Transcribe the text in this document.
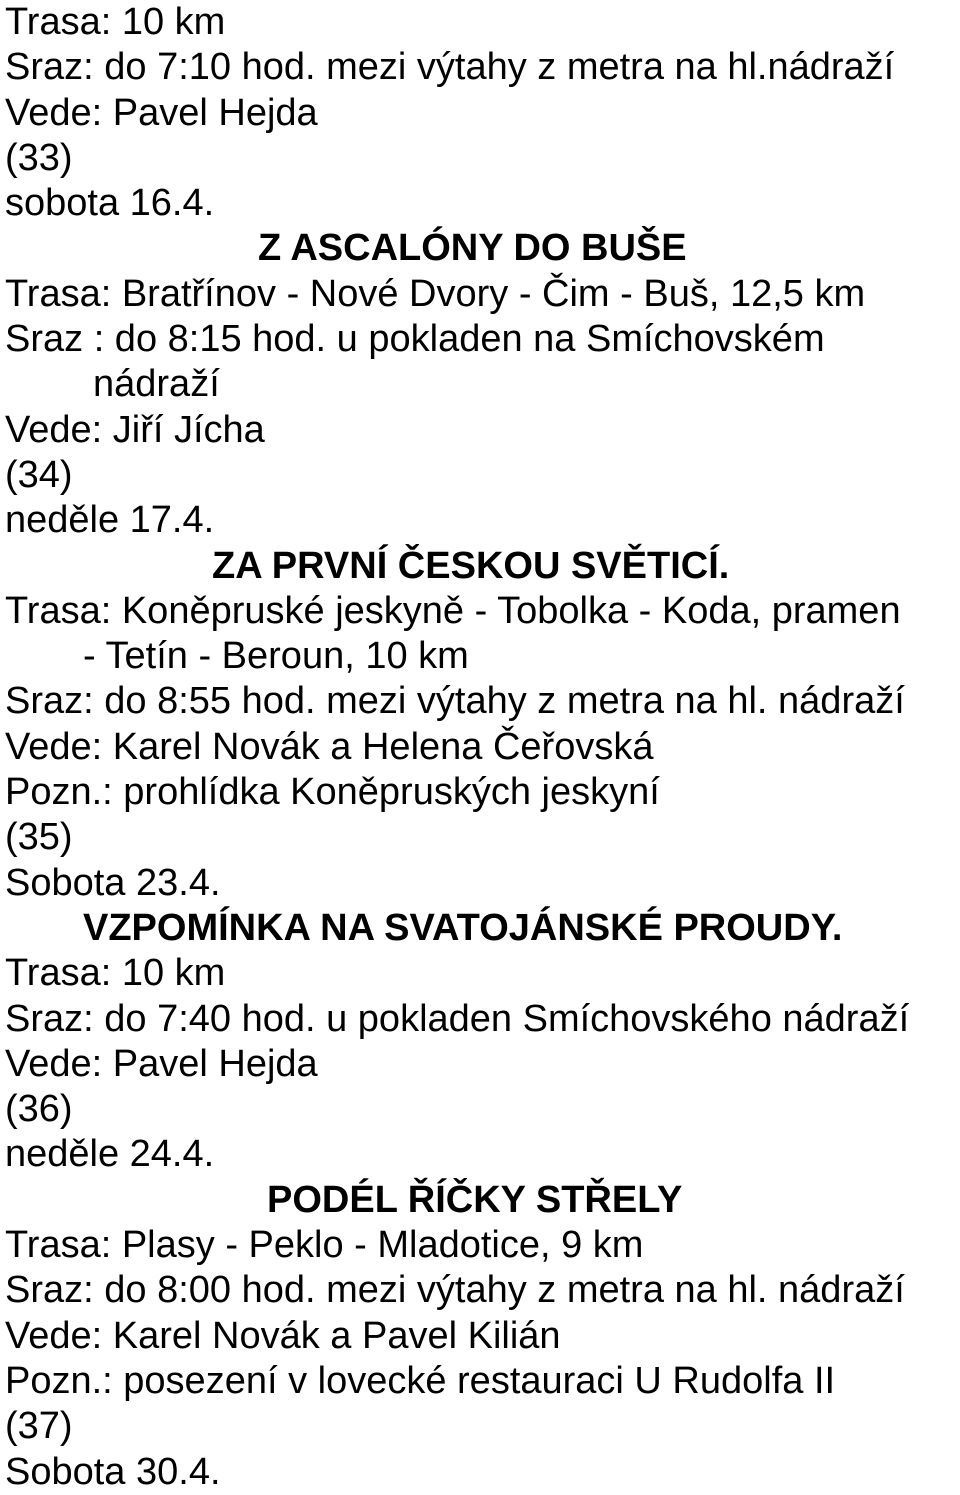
Trasa: 10 km
Sraz: do 7:10 hod. mezi výtahy z metra na hl.nádraží
Vede: Pavel Hejda
(33)
sobota 16.4.
Z ASCALÓNY DO BUŠE
Trasa: Bratřínov - Nové Dvory - Čim - Buš, 12,5 km
Sraz : do 8:15 hod. u pokladen na Smíchovském
nádraží
Vede: Jiří Jícha
(34)
neděle 17.4.
ZA PRVNÍ ČESKOU SVĚTICÍ.
Trasa: Koněpruské jeskyně - Tobolka - Koda, pramen
- Tetín - Beroun, 10 km
Sraz: do 8:55 hod. mezi výtahy z metra na hl. nádraží
Vede: Karel Novák a Helena Čeřovská
Pozn.: prohlídka Koněpruských jeskyní
(35)
Sobota 23.4.
VZPOMÍNKA NA SVATOJÁNSKÉ PROUDY.
Trasa: 10 km
Sraz: do 7:40 hod. u pokladen Smíchovského nádraží
Vede: Pavel Hejda
(36)
neděle 24.4.
PODÉL ŘÍČKY STŘELY
Trasa: Plasy - Peklo - Mladotice, 9 km
Sraz: do 8:00 hod. mezi výtahy z metra na hl. nádraží
Vede: Karel Novák a Pavel Kilián
Pozn.: posezení v lovecké restauraci U Rudolfa II
(37)
Sobota 30.4.
